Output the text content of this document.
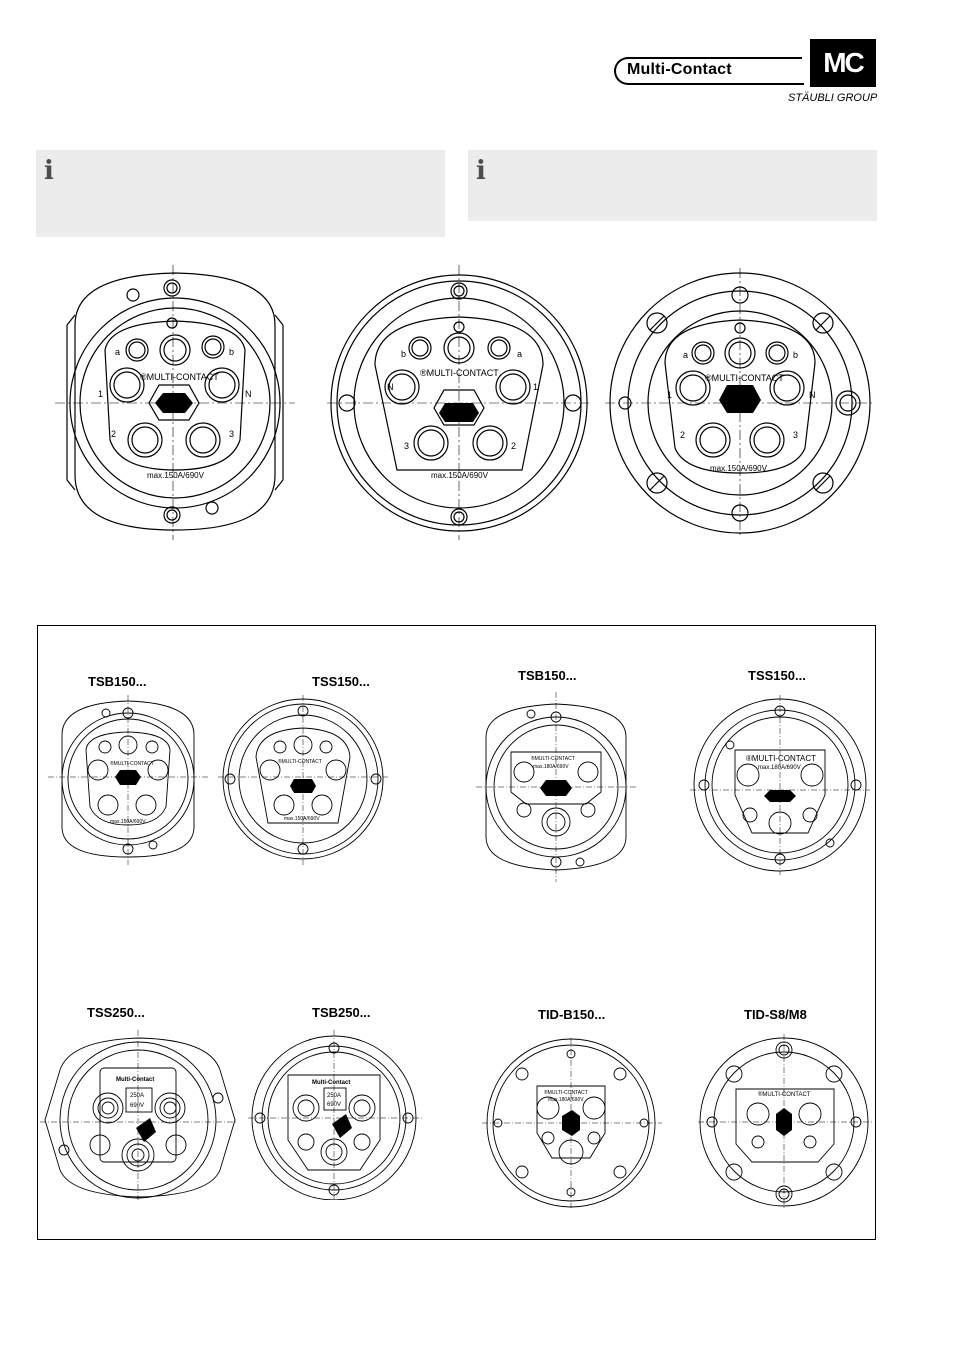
Multi-Contact	MC
STÄUBLI GROUP
i	i
®MULTI-CONTACT
max.150A/690V
a	b
1	N
2	3
®MULTI-CONTACT
max.150A/690V
b	a
N	1
3	2
®MULTI-CONTACT
max.150A/690V
a	b
1	N
2	3
TSB150...	TSS150...	TSB150...	TSS150...
®MULTI-CONTACT
max.150A/690V
®MULTI-CONTACT
max.150A/690V
®MULTI-CONTACT
max.180A/690V
®MULTI-CONTACT
max.180A/690V
TSS250...	TSB250...	TID-B150...	TID-S8/M8
Multi-Contact
250A
690V
Multi-Contact
250A
690V
®MULTI-CONTACT
max.180A/690V
®MULTI-CONTACT
